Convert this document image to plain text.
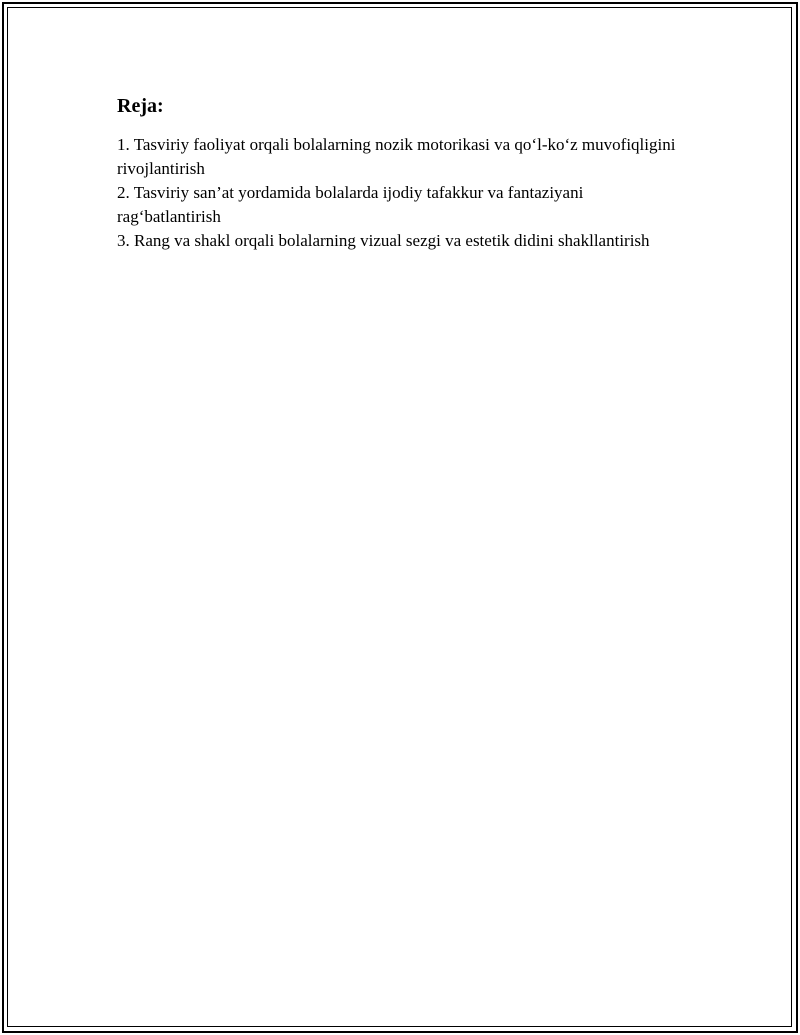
Reja:
1. Tasviriy faoliyat orqali bolalarning nozik motorikasi va qo‘l-ko‘z muvofiqligini rivojlantirish
2. Tasviriy san’at yordamida bolalarda ijodiy tafakkur va fantaziyani rag‘batlantirish
3. Rang va shakl orqali bolalarning vizual sezgi va estetik didini shakllantirish
